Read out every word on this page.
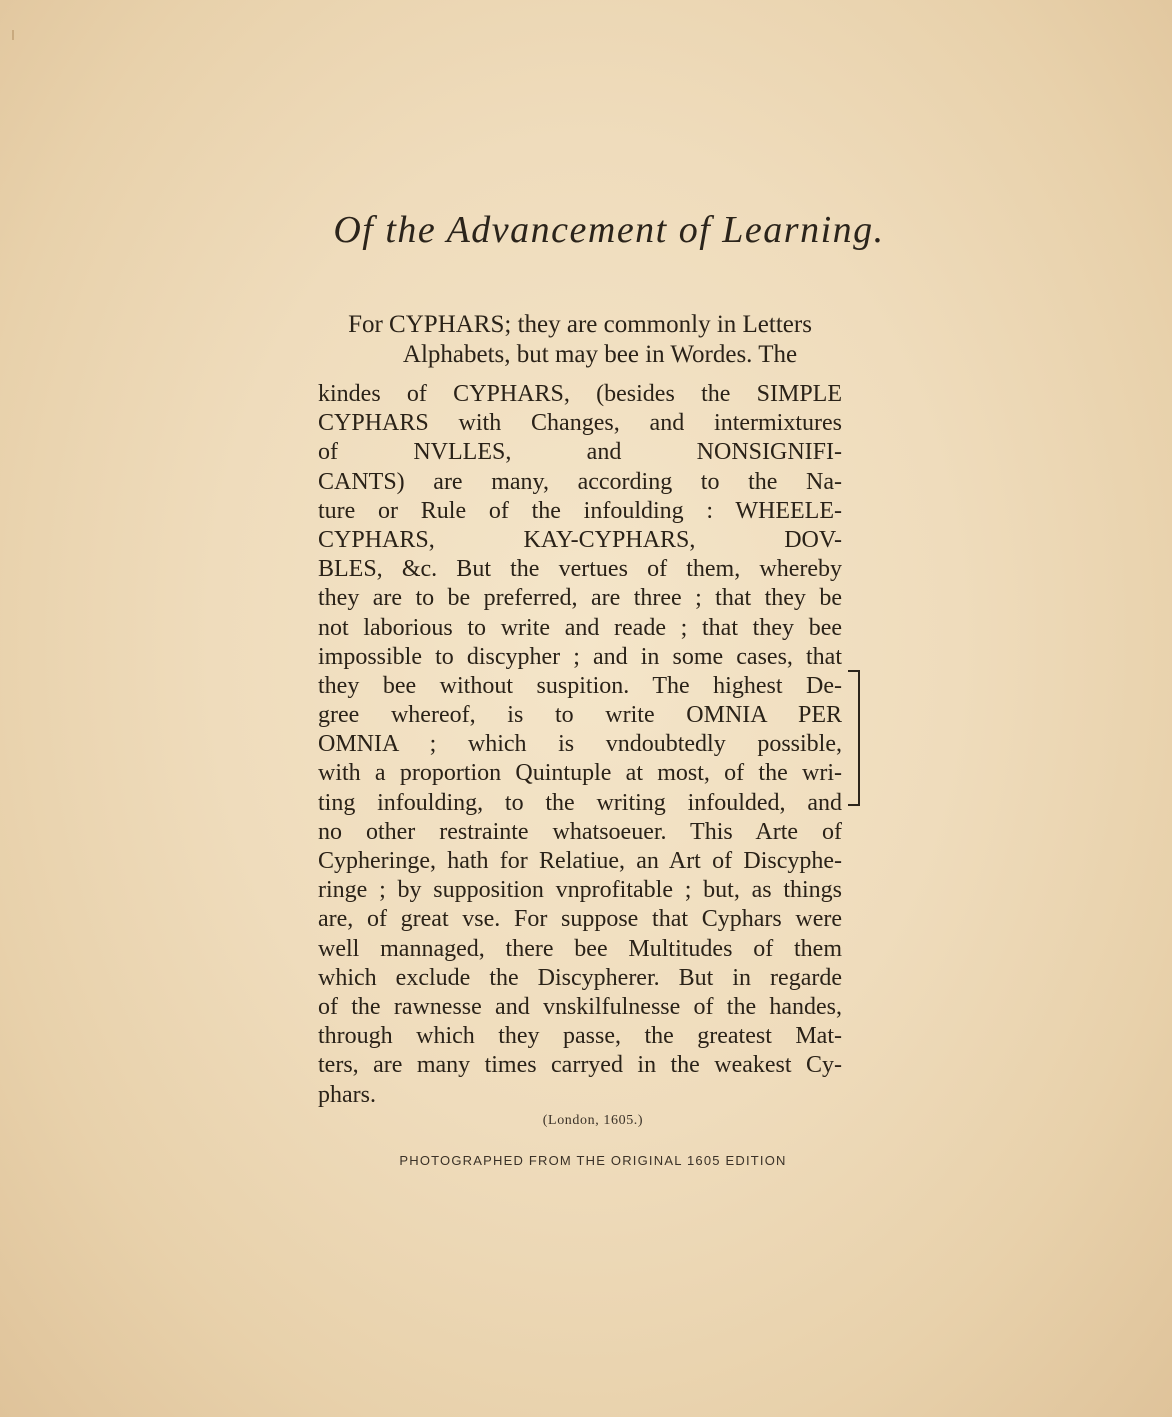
Of the Advancement of Learning.
For CYPHARS; they are commonly in Letters
Alphabets, but may bee in Wordes. The
kindes of CYPHARS, (besides the SIMPLE
CYPHARS with Changes, and intermixtures
of NVLLES, and NONSIGNIFI-
CANTS) are many, according to the Na-
ture or Rule of the infoulding : WHEELE-
CYPHARS, KAY-CYPHARS, DOV-
BLES, &c. But the vertues of them, whereby
they are to be preferred, are three ; that they be
not laborious to write and reade ; that they bee
impossible to discypher ; and in some cases, that
they bee without suspition. The highest De-
gree whereof, is to write OMNIA PER
OMNIA ; which is vndoubtedly possible,
with a proportion Quintuple at most, of the wri-
ting infoulding, to the writing infoulded, and
no other restrainte whatsoeuer. This Arte of
Cypheringe, hath for Relatiue, an Art of Discyphe-
ringe ; by supposition vnprofitable ; but, as things
are, of great vse. For suppose that Cyphars were
well mannaged, there bee Multitudes of them
which exclude the Discypherer. But in regarde
of the rawnesse and vnskilfulnesse of the handes,
through which they passe, the greatest Mat-
ters, are many times carryed in the weakest Cy-
phars.
(London, 1605.)
PHOTOGRAPHED FROM THE ORIGINAL 1605 EDITION
